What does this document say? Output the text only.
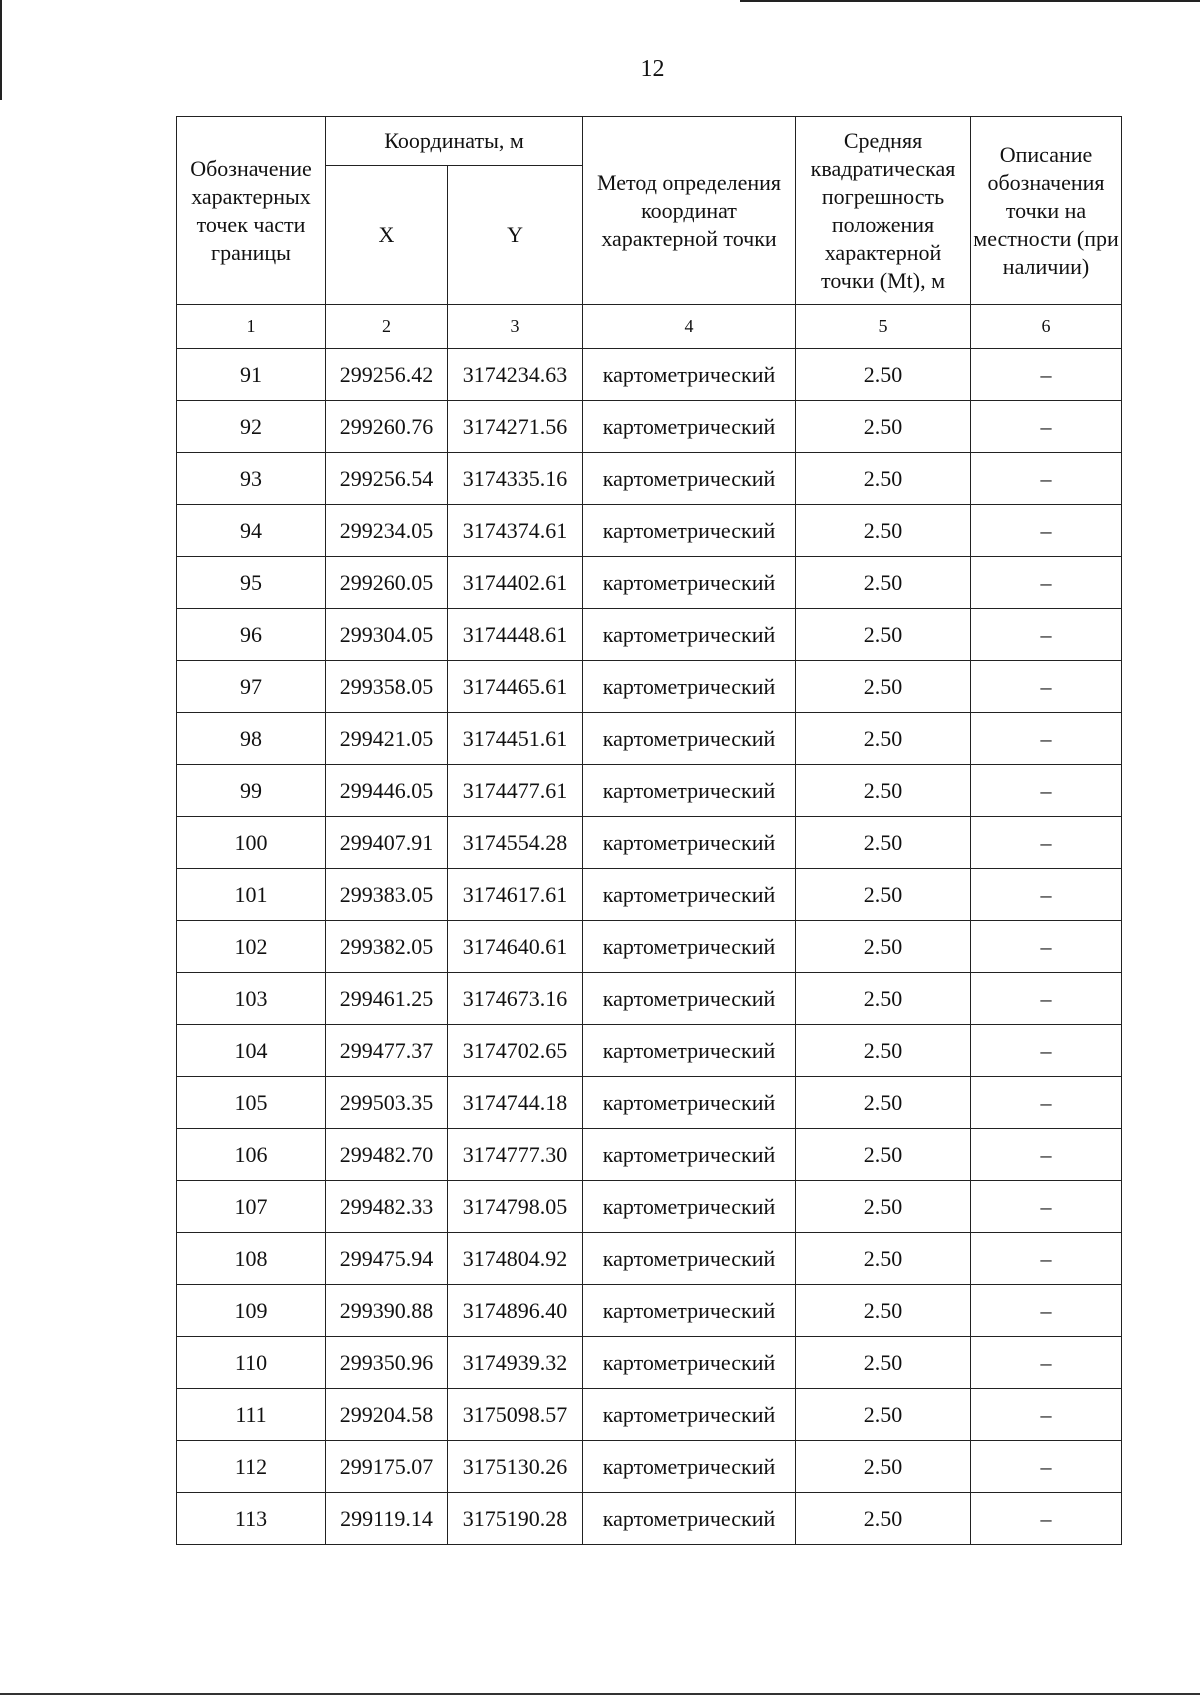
12
Обозначение характерных точек части границы	Координаты, м		Метод определения координат характерной точки	Средняя квадратическая погрешность положения характерной точки (Mt), м	Описание обозначения точки на местности (при наличии)
	X	Y			
1	2	3	4	5	6
91	299256.42	3174234.63	картометрический	2.50	–
92	299260.76	3174271.56	картометрический	2.50	–
93	299256.54	3174335.16	картометрический	2.50	–
94	299234.05	3174374.61	картометрический	2.50	–
95	299260.05	3174402.61	картометрический	2.50	–
96	299304.05	3174448.61	картометрический	2.50	–
97	299358.05	3174465.61	картометрический	2.50	–
98	299421.05	3174451.61	картометрический	2.50	–
99	299446.05	3174477.61	картометрический	2.50	–
100	299407.91	3174554.28	картометрический	2.50	–
101	299383.05	3174617.61	картометрический	2.50	–
102	299382.05	3174640.61	картометрический	2.50	–
103	299461.25	3174673.16	картометрический	2.50	–
104	299477.37	3174702.65	картометрический	2.50	–
105	299503.35	3174744.18	картометрический	2.50	–
106	299482.70	3174777.30	картометрический	2.50	–
107	299482.33	3174798.05	картометрический	2.50	–
108	299475.94	3174804.92	картометрический	2.50	–
109	299390.88	3174896.40	картометрический	2.50	–
110	299350.96	3174939.32	картометрический	2.50	–
111	299204.58	3175098.57	картометрический	2.50	–
112	299175.07	3175130.26	картометрический	2.50	–
113	299119.14	3175190.28	картометрический	2.50	–
